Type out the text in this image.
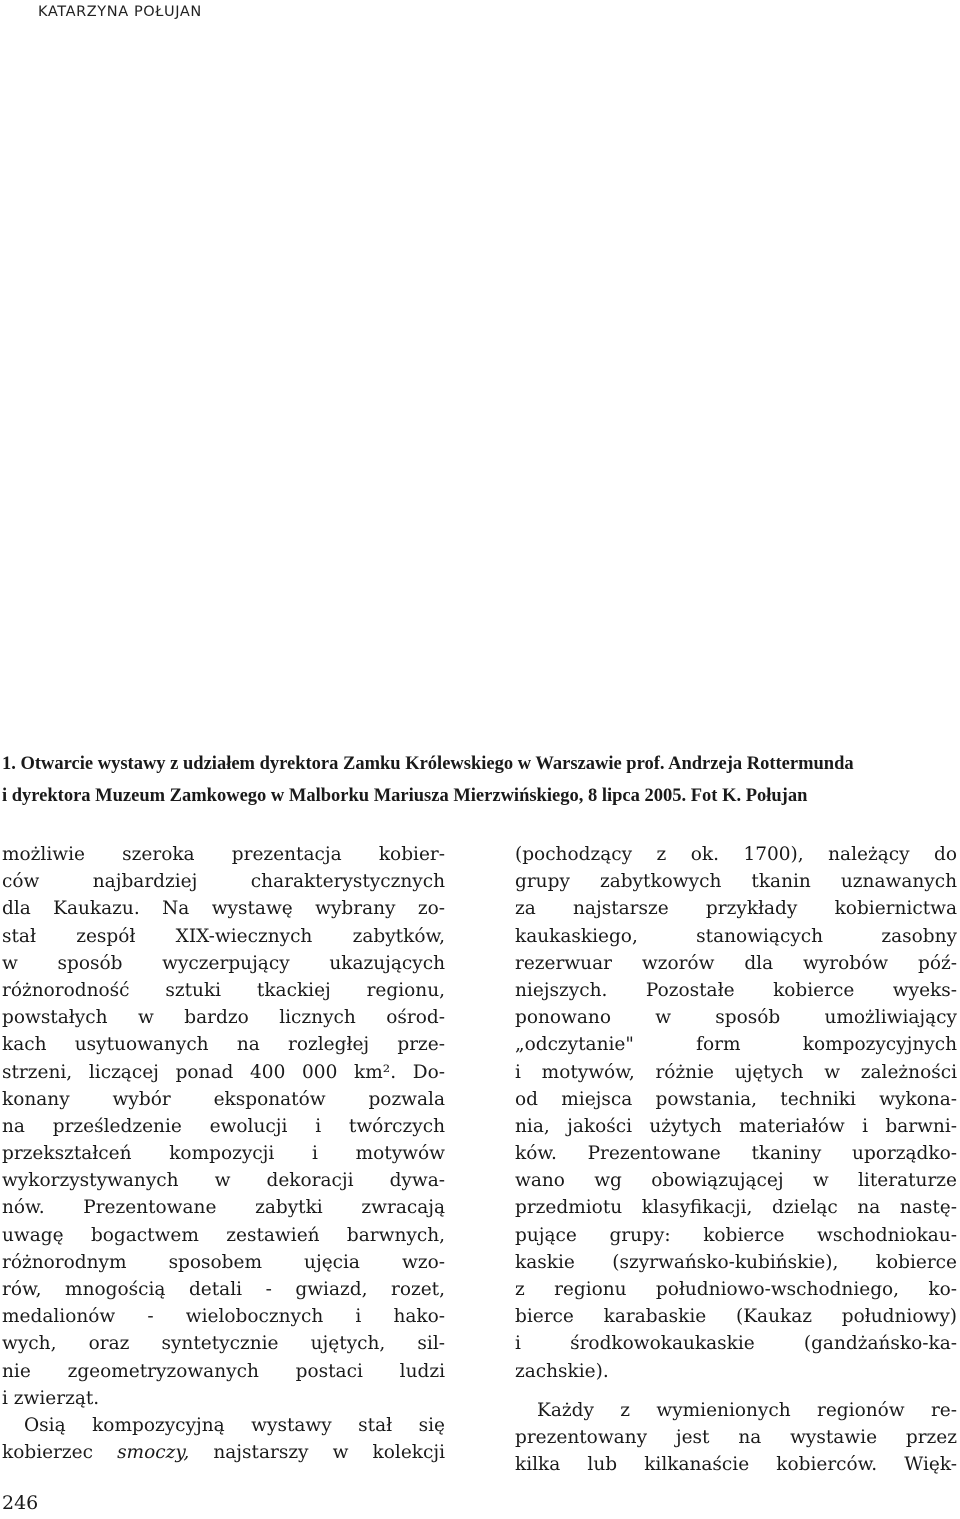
KATARZYNA POŁUJAN
1. Otwarcie wystawy z udziałem dyrektora Zamku Królewskiego w Warszawie prof. Andrzeja Rottermunda
i dyrektora Muzeum Zamkowego w Malborku Mariusza Mierzwińskiego, 8 lipca 2005. Fot K. Połujan
możliwie szeroka prezentacja kobier-
ców najbardziej charakterystycznych
dla Kaukazu. Na wystawę wybrany zo-
stał zespół XIX-wiecznych zabytków,
w sposób wyczerpujący ukazujących
różnorodność sztuki tkackiej regionu,
powstałych w bardzo licznych ośrod-
kach usytuowanych na rozległej prze-
strzeni, liczącej ponad 400 000 km². Do-
konany wybór eksponatów pozwala
na prześledzenie ewolucji i twórczych
przekształceń kompozycji i motywów
wykorzystywanych w dekoracji dywa-
nów. Prezentowane zabytki zwracają
uwagę bogactwem zestawień barwnych,
różnorodnym sposobem ujęcia wzo-
rów, mnogością detali - gwiazd, rozet,
medalionów - wielobocznych i hako-
wych, oraz syntetycznie ujętych, sil-
nie zgeometryzowanych postaci ludzi
i zwierząt.
Osią kompozycyjną wystawy stał się
kobierzec smoczy, najstarszy w kolekcji
(pochodzący z ok. 1700), należący do
grupy zabytkowych tkanin uznawanych
za najstarsze przykłady kobiernictwa
kaukaskiego, stanowiących zasobny
rezerwuar wzorów dla wyrobów póź-
niejszych. Pozostałe kobierce wyeks-
ponowano w sposób umożliwiający
„odczytanie" form kompozycyjnych
i motywów, różnie ujętych w zależności
od miejsca powstania, techniki wykona-
nia, jakości użytych materiałów i barwni-
ków. Prezentowane tkaniny uporządko-
wano wg obowiązującej w literaturze
przedmiotu klasyfikacji, dzieląc na nastę-
pujące grupy: kobierce wschodniokau-
kaskie (szyrwańsko-kubińskie), kobierce
z regionu południowo-wschodniego, ko-
bierce karabaskie (Kaukaz południowy)
i środkowokaukaskie (gandżańsko-ka-
zachskie).
Każdy z wymienionych regionów re-
prezentowany jest na wystawie przez
kilka lub kilkanaście kobierców. Więk-
246
